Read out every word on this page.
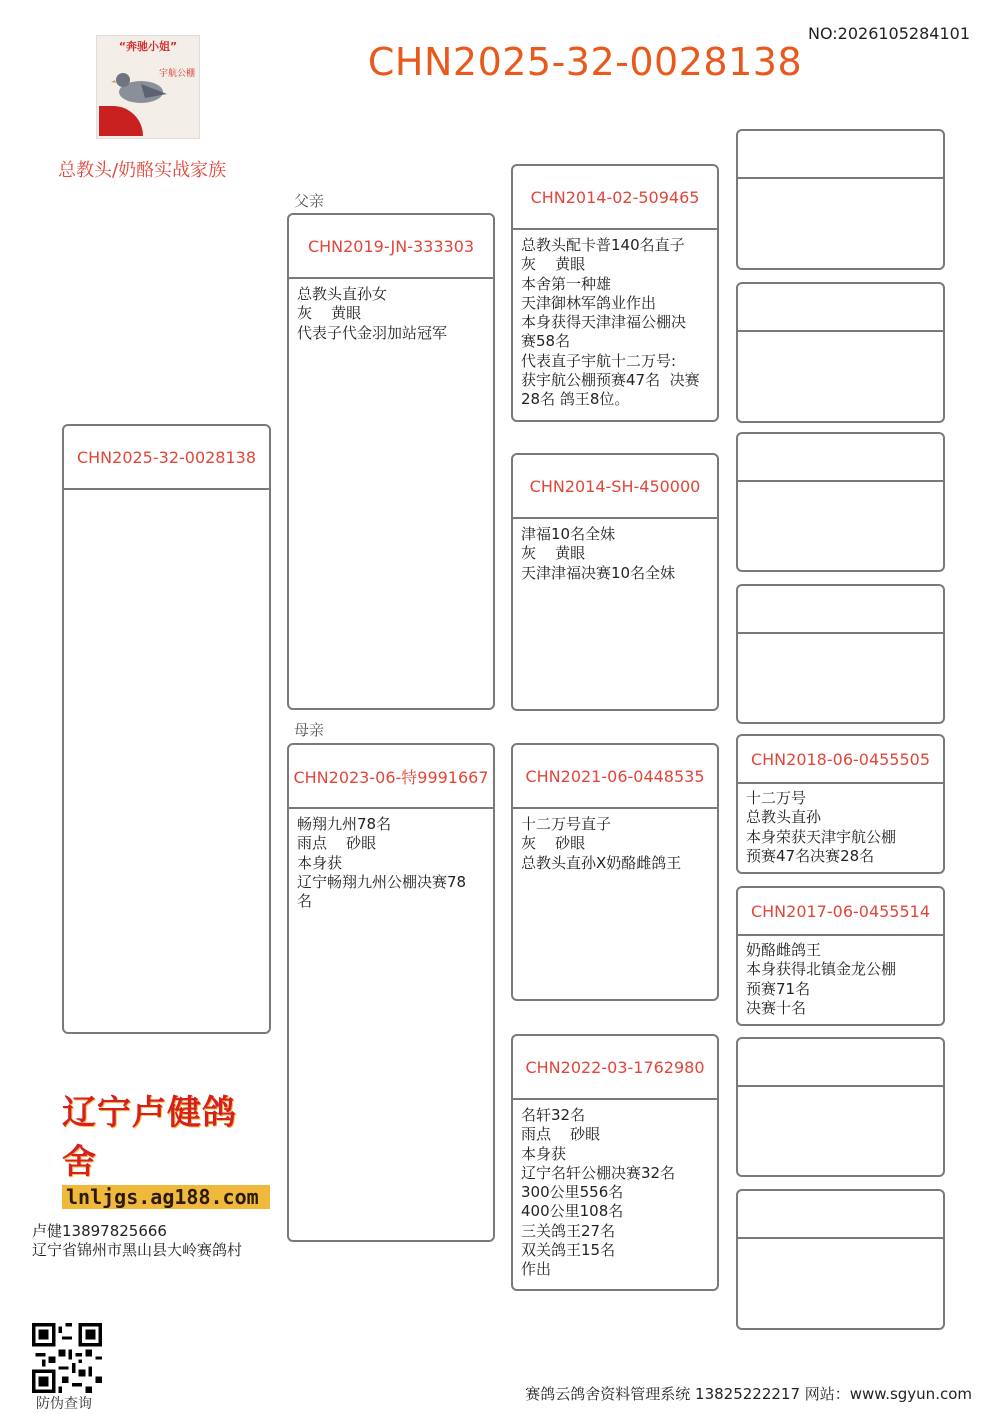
CHN2025-32-0028138
NO:2026105284101
“奔驰小姐”
宇航公棚
总教头/奶酪实战家族
父亲
母亲
CHN2025-32-0028138
CHN2019-JN-333303
总教头直孙女
灰    黄眼
代表子代金羽加站冠军
CHN2023-06-特9991667
畅翔九州78名
雨点    砂眼
本身获
辽宁畅翔九州公棚决赛78
名
CHN2014-02-509465
总教头配卡普140名直子
灰    黄眼
本舍第一种雄
天津御林军鸽业作出
本身获得天津津福公棚决
赛58名
代表直子宇航十二万号:
获宇航公棚预赛47名  决赛
28名 鸽王8位。
CHN2014-SH-450000
津福10名全妹
灰    黄眼
天津津福决赛10名全妹
CHN2021-06-0448535
十二万号直子
灰    砂眼
总教头直孙X奶酪雌鸽王
CHN2022-03-1762980
名轩32名
雨点    砂眼
本身获
辽宁名轩公棚决赛32名
300公里556名
400公里108名
三关鸽王27名
双关鸽王15名
作出
CHN2018-06-0455505
十二万号
总教头直孙
本身荣获天津宇航公棚
预赛47名决赛28名
CHN2017-06-0455514
奶酪雌鸽王
本身获得北镇金龙公棚
预赛71名
决赛十名
辽宁卢健鸽舍
lnljgs.ag188.com
卢健13897825666
辽宁省锦州市黑山县大岭赛鸽村
防伪查询
赛鸽云鸽舍资料管理系统 13825222217 网站：www.sgyun.com
